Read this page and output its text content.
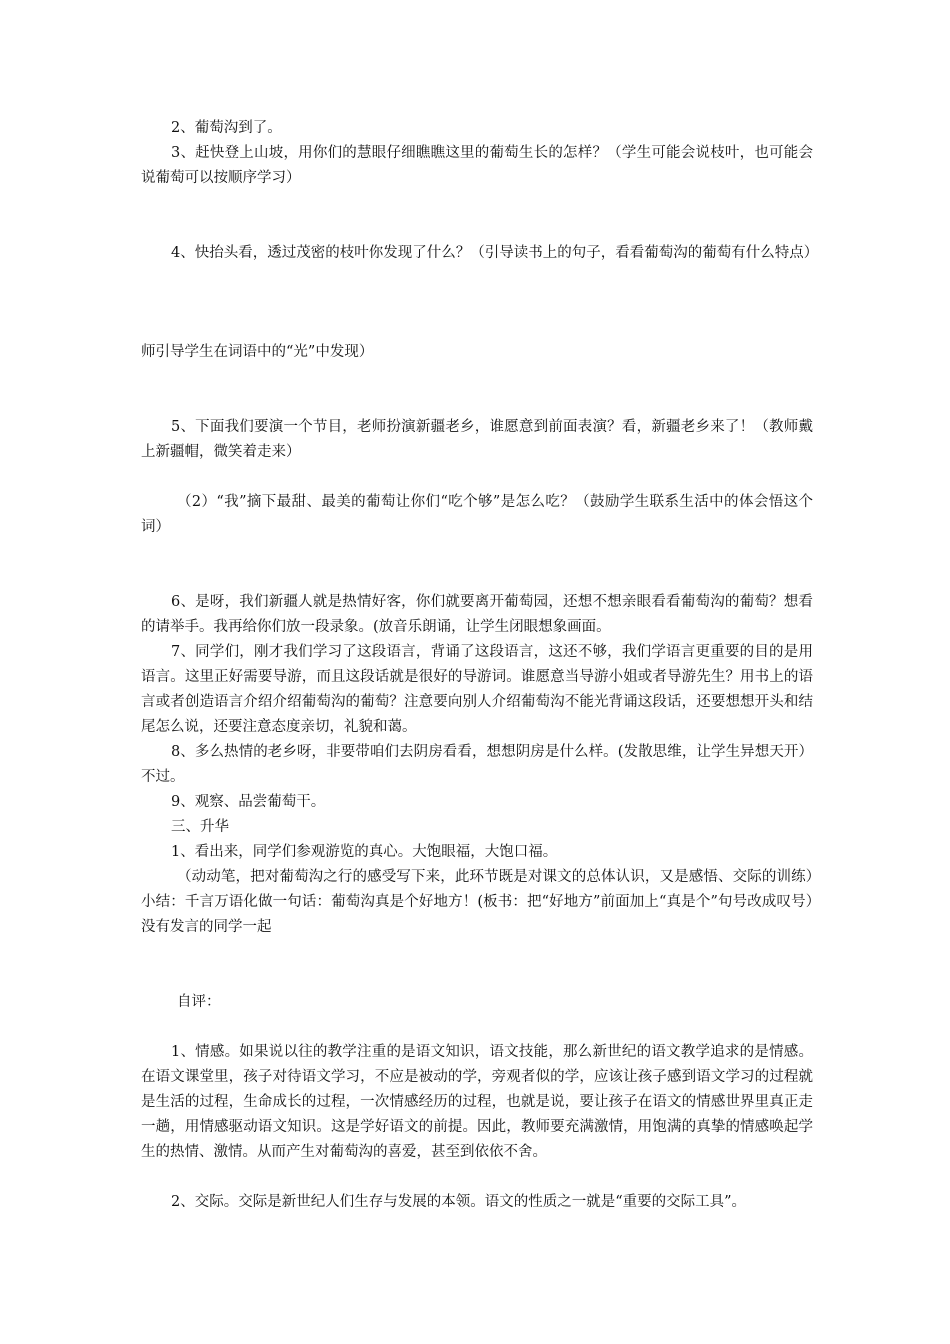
2、葡萄沟到了。

3、赶快登上山坡，用你们的慧眼仔细瞧瞧这里的葡萄生长的怎样？（学生可能会说枝叶，也可能会说葡萄可以按顺序学习）

4、快抬头看，透过茂密的枝叶你发现了什么？（引导读书上的句子，看看葡萄沟的葡萄有什么特点）

师引导学生在词语中的“光”中发现）

5、下面我们要演一个节目，老师扮演新疆老乡，谁愿意到前面表演？看，新疆老乡来了！（教师戴上新疆帽，微笑着走来）

（2）“我”摘下最甜、最美的葡萄让你们“吃个够”是怎么吃？（鼓励学生联系生活中的体会悟这个词）

6、是呀，我们新疆人就是热情好客，你们就要离开葡萄园，还想不想亲眼看看葡萄沟的葡萄？想看的请举手。我再给你们放一段录象。(放音乐朗诵，让学生闭眼想象画面。

7、同学们，刚才我们学习了这段语言，背诵了这段语言，这还不够，我们学语言更重要的目的是用语言。这里正好需要导游，而且这段话就是很好的导游词。谁愿意当导游小姐或者导游先生？用书上的语言或者创造语言介绍介绍葡萄沟的葡萄？注意要向别人介绍葡萄沟不能光背诵这段话，还要想想开头和结尾怎么说，还要注意态度亲切，礼貌和蔼。

8、多么热情的老乡呀，非要带咱们去阴房看看，想想阴房是什么样。(发散思维，让学生异想天开）不过。

9、观察、品尝葡萄干。

三、升华

1、看出来，同学们参观游览的真心。大饱眼福，大饱口福。

（动动笔，把对葡萄沟之行的感受写下来，此环节既是对课文的总体认识，又是感悟、交际的训练）小结：千言万语化做一句话：葡萄沟真是个好地方！(板书：把“好地方”前面加上“真是个”句号改成叹号）没有发言的同学一起

自评：

1、情感。如果说以往的教学注重的是语文知识，语文技能，那么新世纪的语文教学追求的是情感。在语文课堂里，孩子对待语文学习，不应是被动的学，旁观者似的学，应该让孩子感到语文学习的过程就是生活的过程，生命成长的过程，一次情感经历的过程，也就是说，要让孩子在语文的情感世界里真正走一趟，用情感驱动语文知识。这是学好语文的前提。因此，教师要充满激情，用饱满的真挚的情感唤起学生的热情、激情。从而产生对葡萄沟的喜爱，甚至到依依不舍。

2、交际。交际是新世纪人们生存与发展的本领。语文的性质之一就是“重要的交际工具”。
